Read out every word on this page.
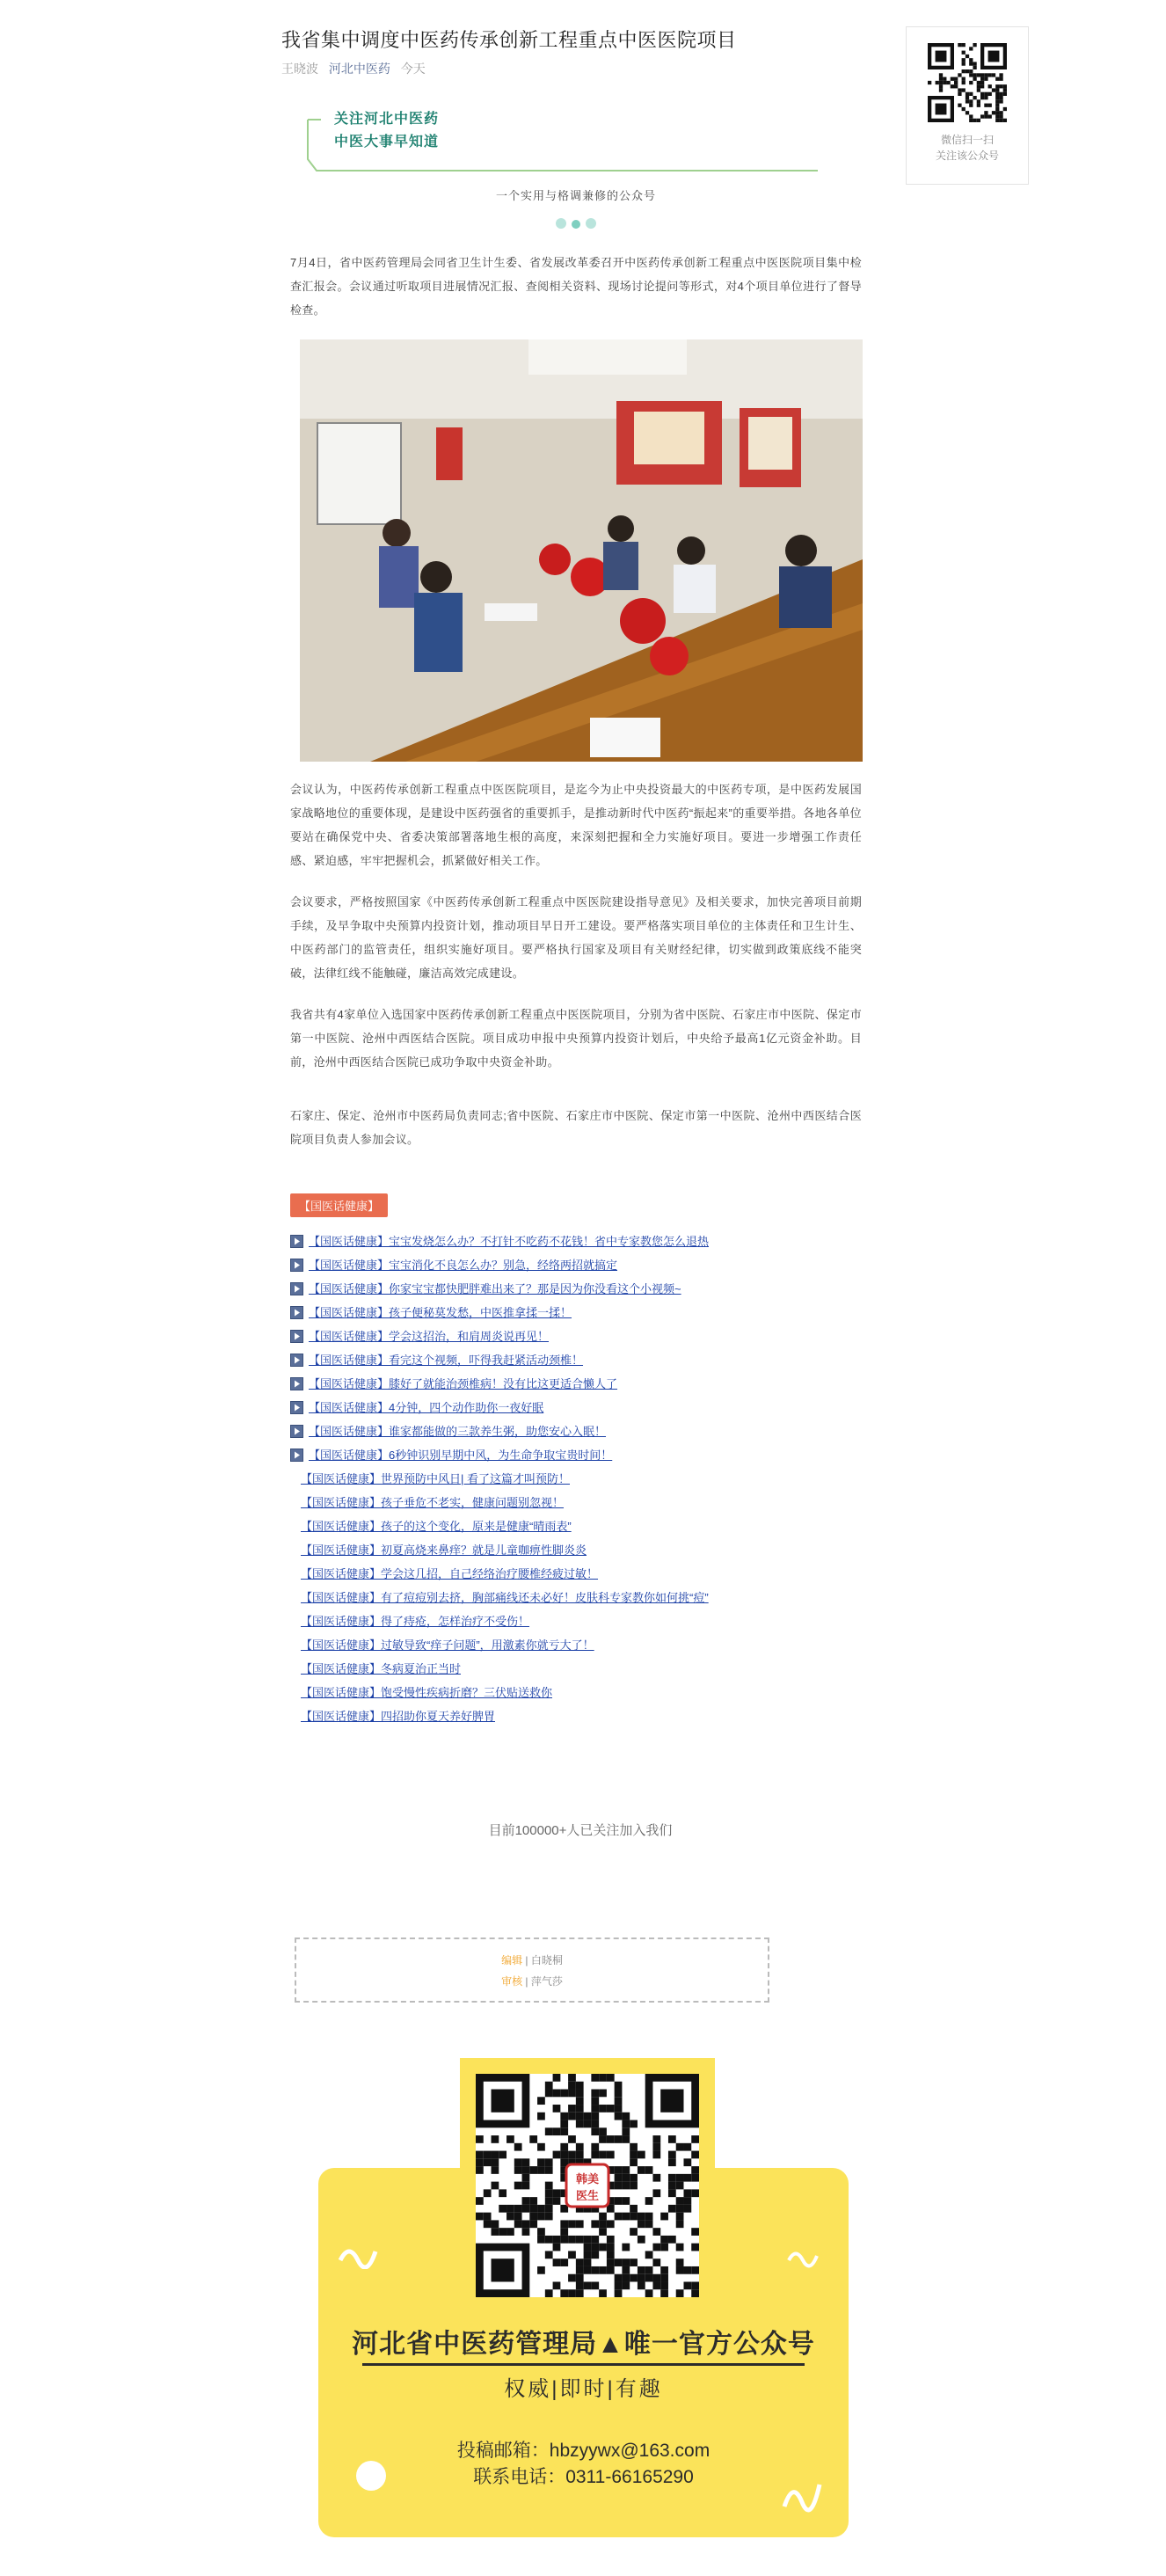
我省集中调度中医药传承创新工程重点中医医院项目
王晓波 河北中医药 今天
关注河北中医药
中医大事早知道
一个实用与格调兼修的公众号

7月4日，省中医药管理局会同省卫生计生委、省发展改革委召开中医药传承创新工程重点中医医院项目集中检查汇报会。会议通过听取项目进展情况汇报、查阅相关资料、现场讨论提问等形式，对4个项目单位进行了督导检查。

会议认为，中医药传承创新工程重点中医医院项目，是迄今为止中央投资最大的中医药专项，是中医药发展国家战略地位的重要体现，是建设中医药强省的重要抓手，是推动新时代中医药“振起来”的重要举措。各地各单位要站在确保党中央、省委决策部署落地生根的高度，来深刻把握和全力实施好项目。要进一步增强工作责任感、紧迫感，牢牢把握机会，抓紧做好相关工作。

会议要求，严格按照国家《中医药传承创新工程重点中医医院建设指导意见》及相关要求，加快完善项目前期手续，及早争取中央预算内投资计划，推动项目早日开工建设。要严格落实项目单位的主体责任和卫生计生、中医药部门的监管责任，组织实施好项目。要严格执行国家及项目有关财经纪律，切实做到政策底线不能突破，法律红线不能触碰，廉洁高效完成建设。

我省共有4家单位入选国家中医药传承创新工程重点中医医院项目，分别为省中医院、石家庄市中医院、保定市第一中医院、沧州中西医结合医院。项目成功申报中央预算内投资计划后，中央给予最高1亿元资金补助。目前，沧州中西医结合医院已成功争取中央资金补助。

石家庄、保定、沧州市中医药局负责同志;省中医院、石家庄市中医院、保定市第一中医院、沧州中西医结合医院项目负责人参加会议。

【国医话健康】
【国医话健康】宝宝发烧怎么办？不打针不吃药不花钱！省中专家教您怎么退热
【国医话健康】宝宝消化不良怎么办？别急，经络两招就搞定
【国医话健康】你家宝宝都快肥胖难出来了？那是因为你没看这个小视频~
【国医话健康】孩子便秘莫发愁，中医推拿揉一揉！
【国医话健康】学会这招治，和肩周炎说再见！
【国医话健康】看完这个视频，吓得我赶紧活动颈椎！
【国医话健康】膝好了就能治颈椎病！没有比这更适合懒人了
【国医话健康】4分钟，四个动作助你一夜好眠
【国医话健康】谁家都能做的三款养生粥，助您安心入眠！
【国医话健康】6秒钟识别早期中风，为生命争取宝贵时间！
【国医话健康】世界预防中风日| 看了这篇才叫预防！
【国医话健康】孩子垂危不老实，健康问题别忽视！
【国医话健康】孩子的这个变化，原来是健康“晴雨表”
【国医话健康】初夏高烧来鼻痒？就是儿童咖痹性脚炎炎
【国医话健康】学会这几招，自己经络治疗腰椎经疲过敏！
【国医话健康】有了痘痘别去挤，胸部痛线还未必好！皮肤科专家教你如何挑“痘”
【国医话健康】得了痔疮，怎样治疗不受伤！
【国医话健康】过敏导致“痒子问题”，用激素你就亏大了！
【国医话健康】冬病夏治正当时
【国医话健康】饱受慢性疾病折磨？三伏贴送救你
【国医话健康】四招助你夏天养好脾胃
微信扫一扫
关注该公众号
目前100000+人已关注加入我们
编辑 | 白晓桐
审核 | 萍气莎
韩美
医生
河北省中医药管理局▲唯一官方公众号
权威|即时|有趣
投稿邮箱：hbzyywx@163.com
联系电话：0311-66165290
